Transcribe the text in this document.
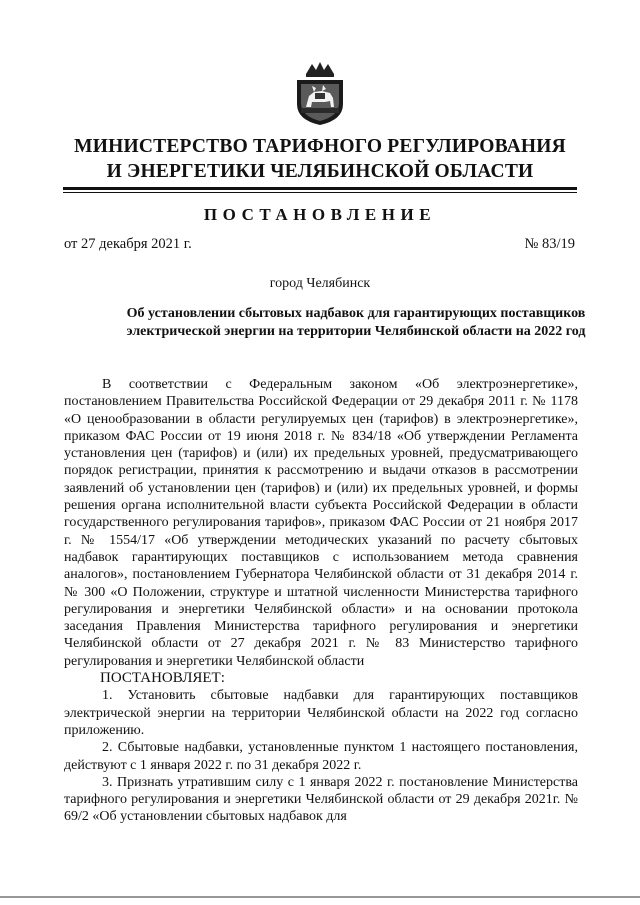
МИНИСТЕРСТВО ТАРИФНОГО РЕГУЛИРОВАНИЯ
И ЭНЕРГЕТИКИ ЧЕЛЯБИНСКОЙ ОБЛАСТИ
ПОСТАНОВЛЕНИЕ
от 27 декабря 2021 г.	№ 83/19
город Челябинск
Об установлении сбытовых надбавок для гарантирующих поставщиков электрической энергии на территории Челябинской области на 2022 год

В соответствии с Федеральным законом «Об электроэнергетике», постановлением Правительства Российской Федерации от 29 декабря 2011 г. № 1178 «О ценообразовании в области регулируемых цен (тарифов) в электроэнергетике», приказом ФАС России от 19 июня 2018 г. № 834/18 «Об утверждении Регламента установления цен (тарифов) и (или) их предельных уровней, предусматривающего порядок регистрации, принятия к рассмотрению и выдачи отказов в рассмотрении заявлений об установлении цен (тарифов) и (или) их предельных уровней, и формы решения органа исполнительной власти субъекта Российской Федерации в области государственного регулирования тарифов», приказом ФАС России от 21 ноября 2017 г. № 1554/17 «Об утверждении методических указаний по расчету сбытовых надбавок гарантирующих поставщиков с использованием метода сравнения аналогов», постановлением Губернатора Челябинской области от 31 декабря 2014 г. № 300 «О Положении, структуре и штатной численности Министерства тарифного регулирования и энергетики Челябинской области» и на основании протокола заседания Правления Министерства тарифного регулирования и энергетики Челябинской области от 27 декабря 2021 г. № 83 Министерство тарифного регулирования и энергетики Челябинской области

ПОСТАНОВЛЯЕТ:

1. Установить сбытовые надбавки для гарантирующих поставщиков электрической энергии на территории Челябинской области на 2022 год согласно приложению.

2. Сбытовые надбавки, установленные пунктом 1 настоящего постановления, действуют с 1 января 2022 г. по 31 декабря 2022 г.

3. Признать утратившим силу с 1 января 2022 г. постановление Министерства тарифного регулирования и энергетики Челябинской области от 29 декабря 2021г. № 69/2 «Об установлении сбытовых надбавок для
